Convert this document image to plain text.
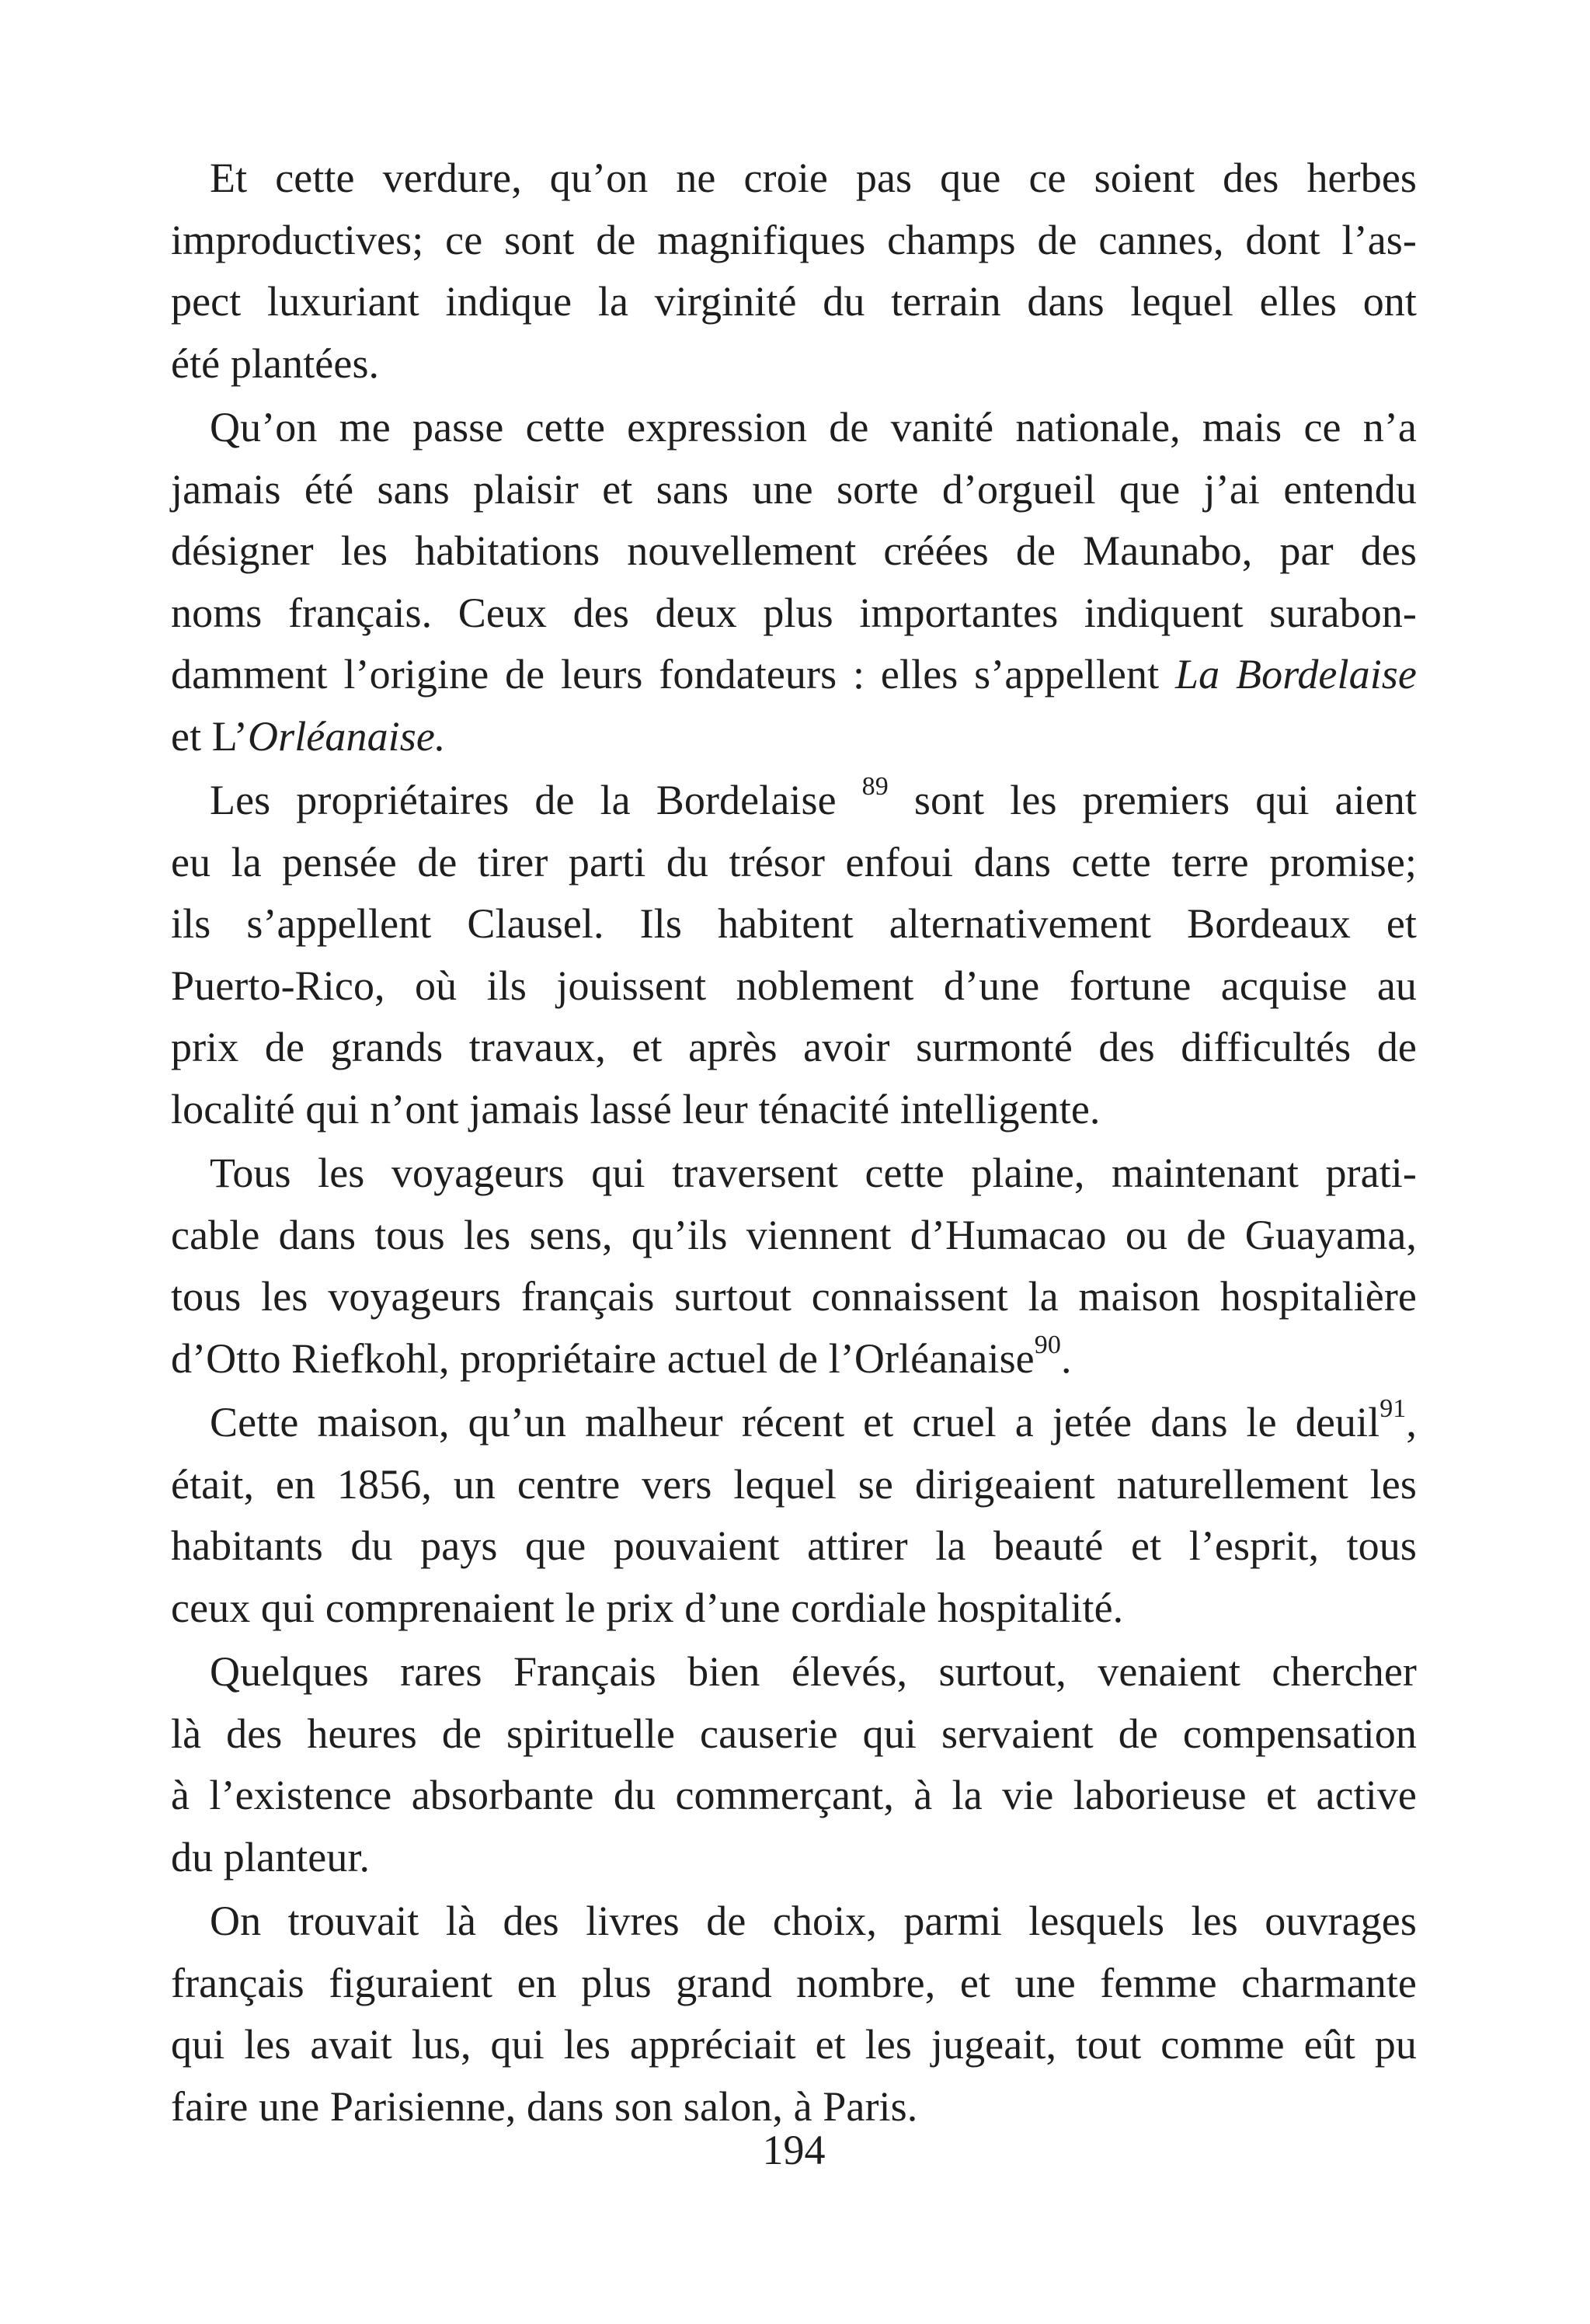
Et cette verdure, qu’on ne croie pas que ce soient des herbes
improductives; ce sont de magnifiques champs de cannes, dont l’as-
pect luxuriant indique la virginité du terrain dans lequel elles ont
été plantées.

Qu’on me passe cette expression de vanité nationale, mais ce n’a
jamais été sans plaisir et sans une sorte d’orgueil que j’ai entendu
désigner les habitations nouvellement créées de Maunabo, par des
noms français. Ceux des deux plus importantes indiquent surabon-
damment l’origine de leurs fondateurs : elles s’appellent La Bordelaise
et L’Orléanaise.

Les propriétaires de la Bordelaise $^{89}$ sont les premiers qui aient
eu la pensée de tirer parti du trésor enfoui dans cette terre promise;
ils s’appellent Clausel. Ils habitent alternativement Bordeaux et
Puerto-Rico, où ils jouissent noblement d’une fortune acquise au
prix de grands travaux, et après avoir surmonté des difficultés de
localité qui n’ont jamais lassé leur ténacité intelligente.

Tous les voyageurs qui traversent cette plaine, maintenant prati-
cable dans tous les sens, qu’ils viennent d’Humacao ou de Guayama,
tous les voyageurs français surtout connaissent la maison hospitalière
d’Otto Riefkohl, propriétaire actuel de l’Orléanaise$^{90}$.

Cette maison, qu’un malheur récent et cruel a jetée dans le deuil$^{91}$,
était, en 1856, un centre vers lequel se dirigeaient naturellement les
habitants du pays que pouvaient attirer la beauté et l’esprit, tous
ceux qui comprenaient le prix d’une cordiale hospitalité.

Quelques rares Français bien élevés, surtout, venaient chercher
là des heures de spirituelle causerie qui servaient de compensation
à l’existence absorbante du commerçant, à la vie laborieuse et active
du planteur.

On trouvait là des livres de choix, parmi lesquels les ouvrages
français figuraient en plus grand nombre, et une femme charmante
qui les avait lus, qui les appréciait et les jugeait, tout comme eût pu
faire une Parisienne, dans son salon, à Paris.

194
